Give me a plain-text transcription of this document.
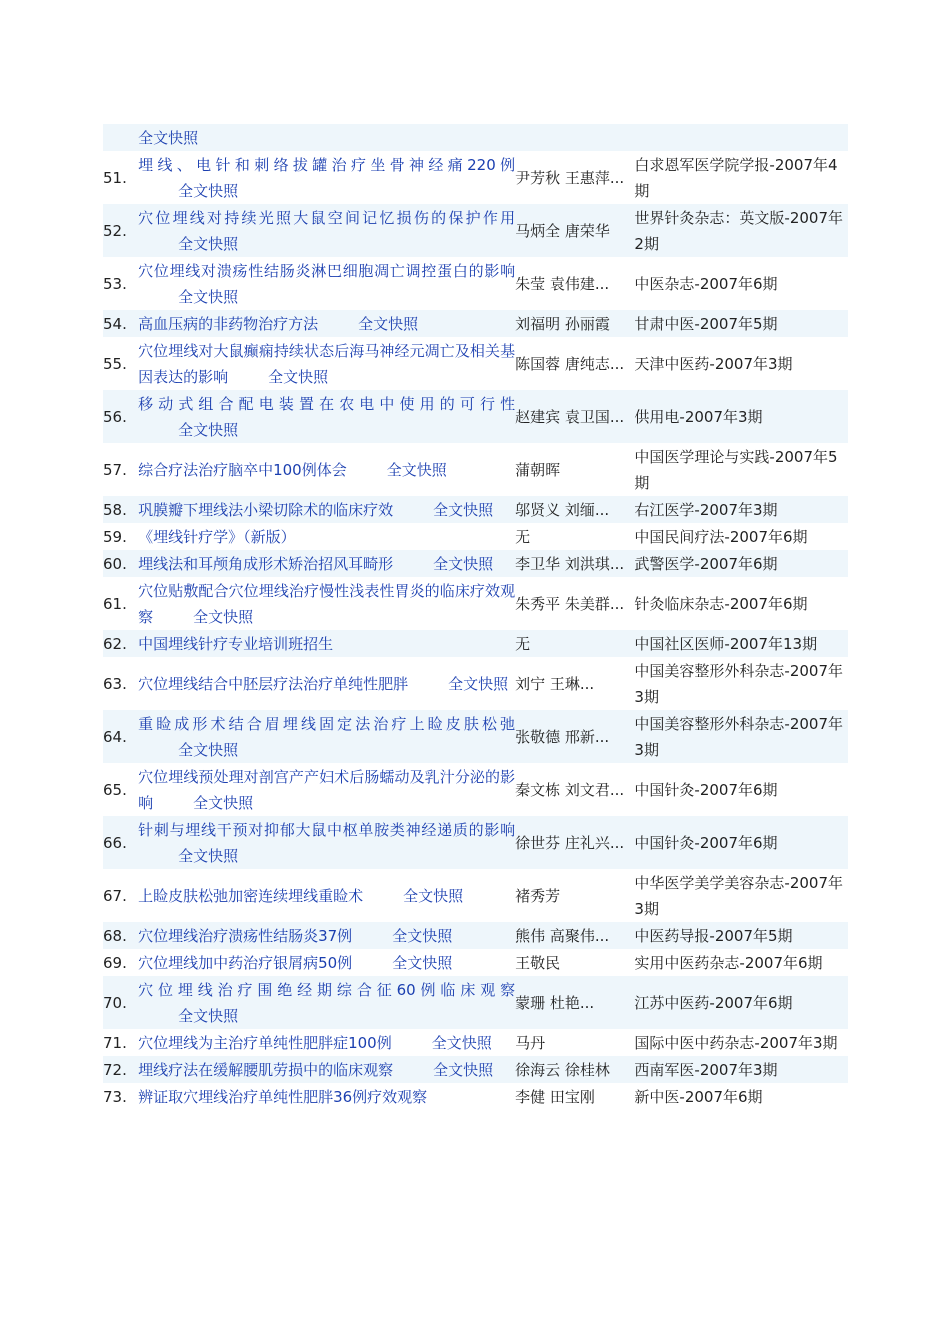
	全文快照		
51.	埋线、电针和刺络拔罐治疗坐骨神经痛220例全文快照	尹芳秋 王惠萍...	白求恩军医学院学报-2007年4期
52.	穴位埋线对持续光照大鼠空间记忆损伤的保护作用全文快照	马炳全 唐荣华	世界针灸杂志：英文版-2007年2期
53.	穴位埋线对溃疡性结肠炎淋巴细胞凋亡调控蛋白的影响全文快照	朱莹 袁伟建...	中医杂志-2007年6期
54.	高血压病的非药物治疗方法 全文快照	刘福明 孙丽霞	甘肃中医-2007年5期
55.	穴位埋线对大鼠癫痫持续状态后海马神经元凋亡及相关基因表达的影响 全文快照	陈国蓉 唐纯志...	天津中医药-2007年3期
56.	移动式组合配电装置在农电中使用的可行性全文快照	赵建宾 袁卫国...	供用电-2007年3期
57.	综合疗法治疗脑卒中100例体会 全文快照	蒲朝晖	中国医学理论与实践-2007年5期
58.	巩膜瓣下埋线法小梁切除术的临床疗效 全文快照	邬贤义 刘缅...	右江医学-2007年3期
59.	《埋线针疗学》（新版）	无	中国民间疗法-2007年6期
60.	埋线法和耳颅角成形术矫治招风耳畸形 全文快照	李卫华 刘洪琪...	武警医学-2007年6期
61.	穴位贴敷配合穴位埋线治疗慢性浅表性胃炎的临床疗效观察 全文快照	朱秀平 朱美群...	针灸临床杂志-2007年6期
62.	中国埋线针疗专业培训班招生	无	中国社区医师-2007年13期
63.	穴位埋线结合中胚层疗法治疗单纯性肥胖 全文快照	刘宁 王琳...	中国美容整形外科杂志-2007年3期
64.	重睑成形术结合眉埋线固定法治疗上睑皮肤松弛全文快照	张敬德 邢新...	中国美容整形外科杂志-2007年3期
65.	穴位埋线预处理对剖宫产产妇术后肠蠕动及乳汁分泌的影响 全文快照	秦文栋 刘文君...	中国针灸-2007年6期
66.	针刺与埋线干预对抑郁大鼠中枢单胺类神经递质的影响全文快照	徐世芬 庄礼兴...	中国针灸-2007年6期
67.	上睑皮肤松弛加密连续埋线重睑术 全文快照	褚秀芳	中华医学美学美容杂志-2007年3期
68.	穴位埋线治疗溃疡性结肠炎37例 全文快照	熊伟 高聚伟...	中医药导报-2007年5期
69.	穴位埋线加中药治疗银屑病50例 全文快照	王敬民	实用中医药杂志-2007年6期
70.	穴位埋线治疗围绝经期综合征60例临床观察全文快照	蒙珊 杜艳...	江苏中医药-2007年6期
71.	穴位埋线为主治疗单纯性肥胖症100例 全文快照	马丹	国际中医中药杂志-2007年3期
72.	埋线疗法在缓解腰肌劳损中的临床观察 全文快照	徐海云 徐桂林	西南军医-2007年3期
73.	辨证取穴埋线治疗单纯性肥胖36例疗效观察	李健 田宝刚	新中医-2007年6期
